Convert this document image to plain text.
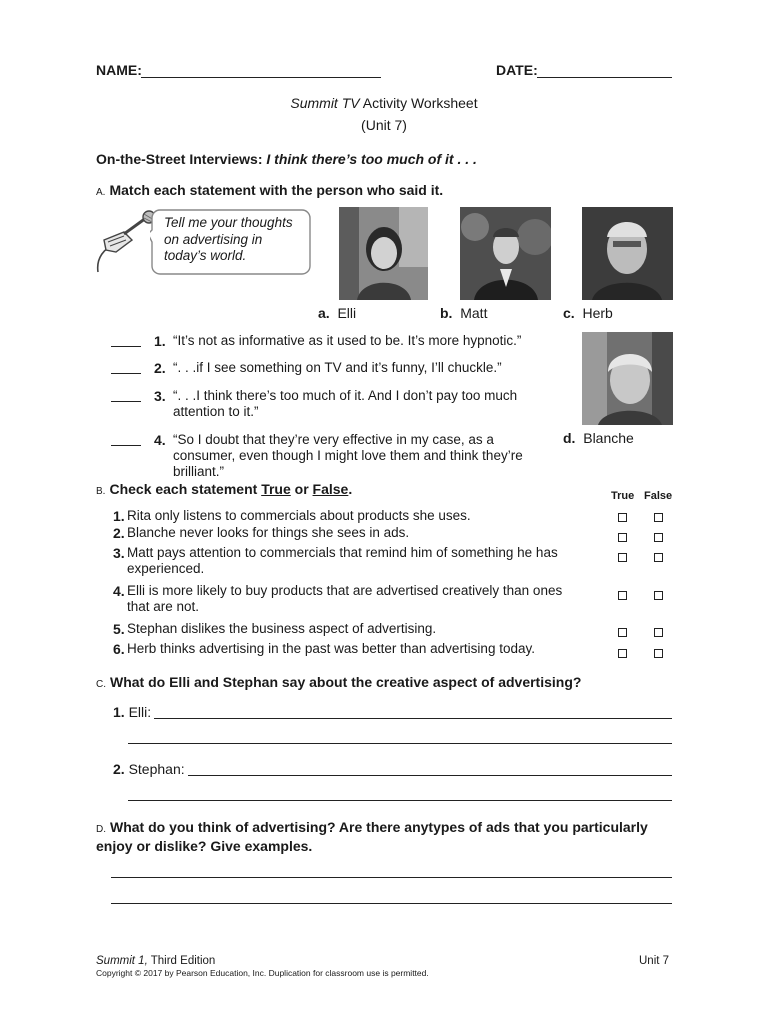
NAME:	DATE:
Summit TV Activity Worksheet
(Unit 7)
On-the-Street Interviews: I think there’s too much of it . . .
A. Match each statement with the person who said it.
Tell me your thoughts on advertising in today’s world.
a. Elli	b. Matt	c. Herb
d. Blanche
1. “It’s not as informative as it used to be. It’s more hypnotic.”
2. “. . .if I see something on TV and it’s funny, I’ll chuckle.”
3. “. . .I think there’s too much of it. And I don’t pay too much attention to it.”
4. “So I doubt that they’re very effective in my case, as a consumer, even though I might love them and think they’re brilliant.”
B. Check each statement True or False.	True False
1. Rita only listens to commercials about products she uses.
2. Blanche never looks for things she sees in ads.
3. Matt pays attention to commercials that remind him of something he has experienced.
4. Elli is more likely to buy products that are advertised creatively than ones that are not.
5. Stephan dislikes the business aspect of advertising.
6. Herb thinks advertising in the past was better than advertising today.
C. What do Elli and Stephan say about the creative aspect of advertising?
1. Elli:
2. Stephan:
D. What do you think of advertising? Are there anytypes of ads that you particularly enjoy or dislike? Give examples.
Summit 1, Third Edition	Unit 7
Copyright © 2017 by Pearson Education, Inc. Duplication for classroom use is permitted.
